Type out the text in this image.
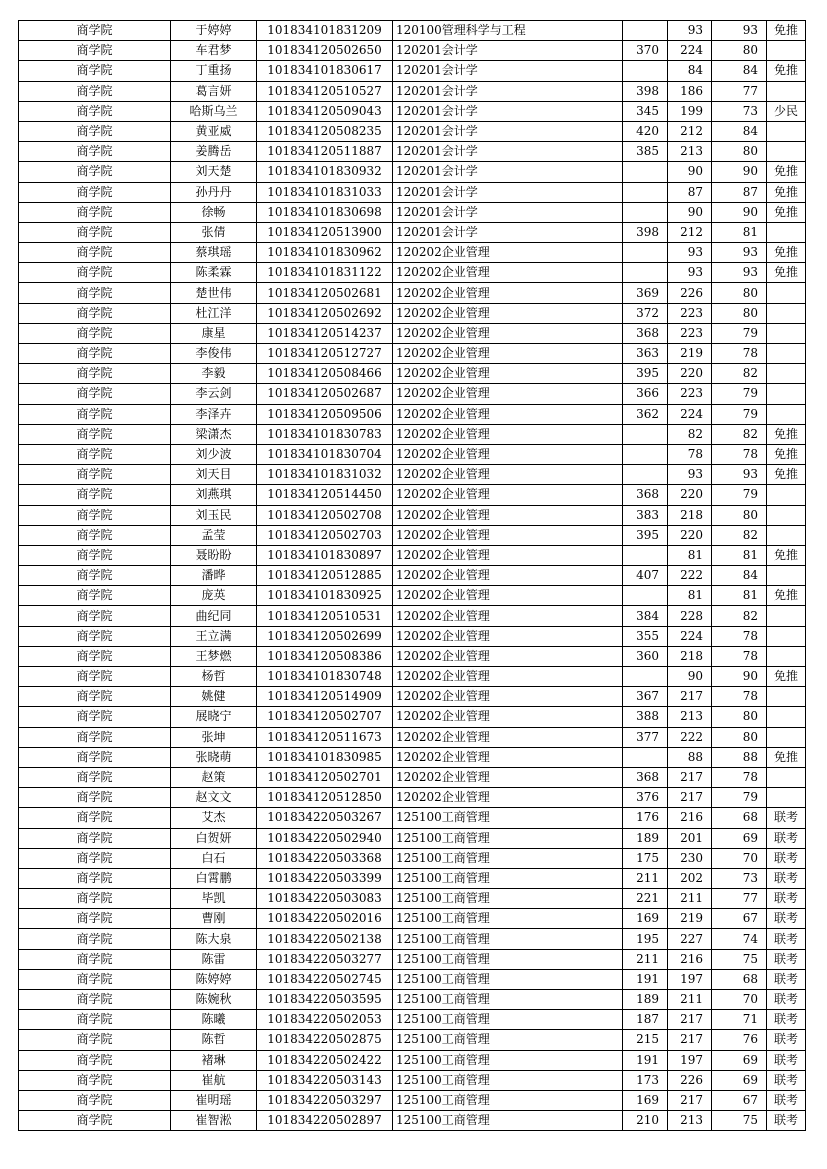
商学院	于婷婷	101834101831209	120100管理科学与工程		93	93	免推
商学院	车君梦	101834120502650	120201会计学	370	224	80	
商学院	丁重扬	101834101830617	120201会计学		84	84	免推
商学院	葛言妍	101834120510527	120201会计学	398	186	77	
商学院	哈斯乌兰	101834120509043	120201会计学	345	199	73	少民
商学院	黄亚威	101834120508235	120201会计学	420	212	84	
商学院	姜腾岳	101834120511887	120201会计学	385	213	80	
商学院	刘天楚	101834101830932	120201会计学		90	90	免推
商学院	孙丹丹	101834101831033	120201会计学		87	87	免推
商学院	徐畅	101834101830698	120201会计学		90	90	免推
商学院	张倩	101834120513900	120201会计学	398	212	81	
商学院	蔡琪瑶	101834101830962	120202企业管理		93	93	免推
商学院	陈柔霖	101834101831122	120202企业管理		93	93	免推
商学院	楚世伟	101834120502681	120202企业管理	369	226	80	
商学院	杜江洋	101834120502692	120202企业管理	372	223	80	
商学院	康星	101834120514237	120202企业管理	368	223	79	
商学院	李俊伟	101834120512727	120202企业管理	363	219	78	
商学院	李毅	101834120508466	120202企业管理	395	220	82	
商学院	李云剑	101834120502687	120202企业管理	366	223	79	
商学院	李泽卉	101834120509506	120202企业管理	362	224	79	
商学院	梁潇杰	101834101830783	120202企业管理		82	82	免推
商学院	刘少波	101834101830704	120202企业管理		78	78	免推
商学院	刘天目	101834101831032	120202企业管理		93	93	免推
商学院	刘燕琪	101834120514450	120202企业管理	368	220	79	
商学院	刘玉民	101834120502708	120202企业管理	383	218	80	
商学院	孟莹	101834120502703	120202企业管理	395	220	82	
商学院	聂盼盼	101834101830897	120202企业管理		81	81	免推
商学院	潘晔	101834120512885	120202企业管理	407	222	84	
商学院	庞英	101834101830925	120202企业管理		81	81	免推
商学院	曲纪同	101834120510531	120202企业管理	384	228	82	
商学院	王立满	101834120502699	120202企业管理	355	224	78	
商学院	王梦燃	101834120508386	120202企业管理	360	218	78	
商学院	杨哲	101834101830748	120202企业管理		90	90	免推
商学院	姚健	101834120514909	120202企业管理	367	217	78	
商学院	展晓宁	101834120502707	120202企业管理	388	213	80	
商学院	张坤	101834120511673	120202企业管理	377	222	80	
商学院	张晓萌	101834101830985	120202企业管理		88	88	免推
商学院	赵策	101834120502701	120202企业管理	368	217	78	
商学院	赵文文	101834120512850	120202企业管理	376	217	79	
商学院	艾杰	101834220503267	125100工商管理	176	216	68	联考
商学院	白贺妍	101834220502940	125100工商管理	189	201	69	联考
商学院	白石	101834220503368	125100工商管理	175	230	70	联考
商学院	白霄鹏	101834220503399	125100工商管理	211	202	73	联考
商学院	毕凯	101834220503083	125100工商管理	221	211	77	联考
商学院	曹刚	101834220502016	125100工商管理	169	219	67	联考
商学院	陈大泉	101834220502138	125100工商管理	195	227	74	联考
商学院	陈雷	101834220503277	125100工商管理	211	216	75	联考
商学院	陈婷婷	101834220502745	125100工商管理	191	197	68	联考
商学院	陈婉秋	101834220503595	125100工商管理	189	211	70	联考
商学院	陈曦	101834220502053	125100工商管理	187	217	71	联考
商学院	陈哲	101834220502875	125100工商管理	215	217	76	联考
商学院	褚琳	101834220502422	125100工商管理	191	197	69	联考
商学院	崔航	101834220503143	125100工商管理	173	226	69	联考
商学院	崔明瑶	101834220503297	125100工商管理	169	217	67	联考
商学院	崔智淞	101834220502897	125100工商管理	210	213	75	联考
